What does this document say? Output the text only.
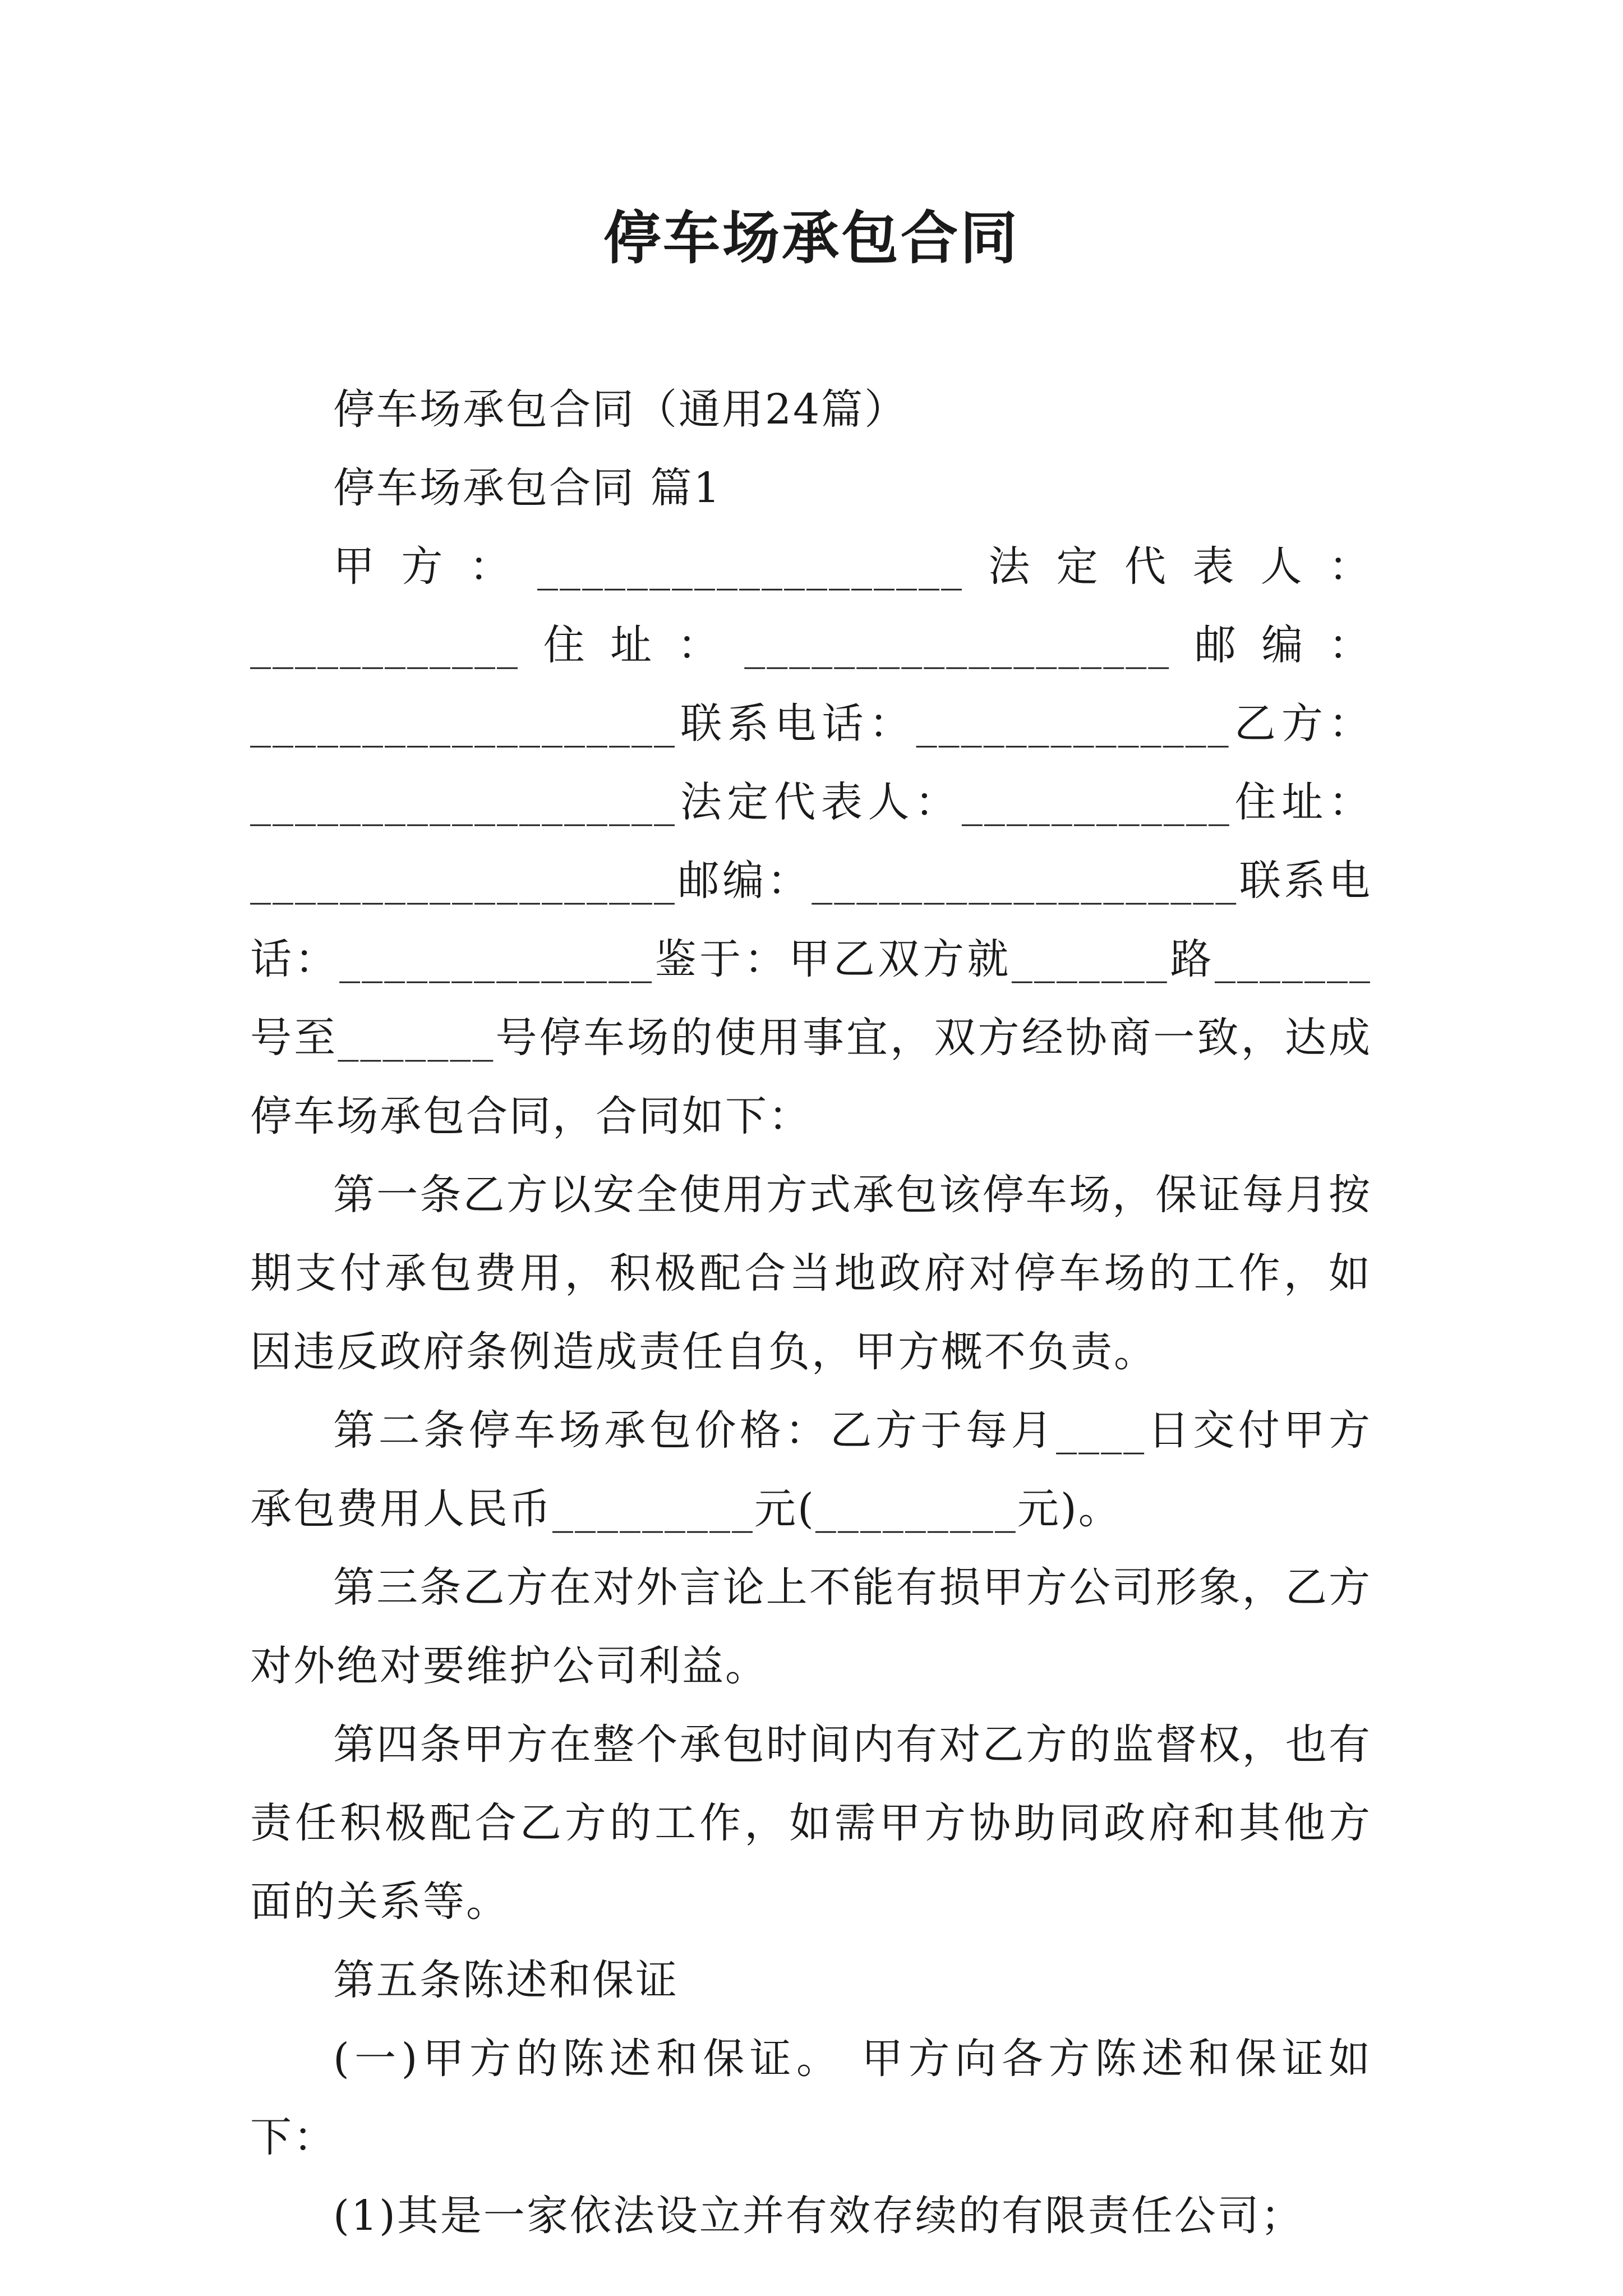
停车场承包合同

停车场承包合同（通用24篇）

停车场承包合同 篇1

甲方：___________________法定代表人：____________住址：___________________邮编：___________________联系电话：______________乙方：___________________法定代表人：____________住址：___________________邮编：___________________联系电话：______________鉴于：甲乙双方就_______路_______号至_______号停车场的使用事宜，双方经协商一致，达成停车场承包合同，合同如下：

第一条乙方以安全使用方式承包该停车场，保证每月按期支付承包费用，积极配合当地政府对停车场的工作，如因违反政府条例造成责任自负，甲方概不负责。

第二条停车场承包价格：乙方于每月____日交付甲方承包费用人民币_________元(_________元)。

第三条乙方在对外言论上不能有损甲方公司形象，乙方对外绝对要维护公司利益。

第四条甲方在整个承包时间内有对乙方的监督权，也有责任积极配合乙方的工作，如需甲方协助同政府和其他方面的关系等。

第五条陈述和保证

(一)甲方的陈述和保证。 甲方向各方陈述和保证如下：

(1)其是一家依法设立并有效存续的有限责任公司；
